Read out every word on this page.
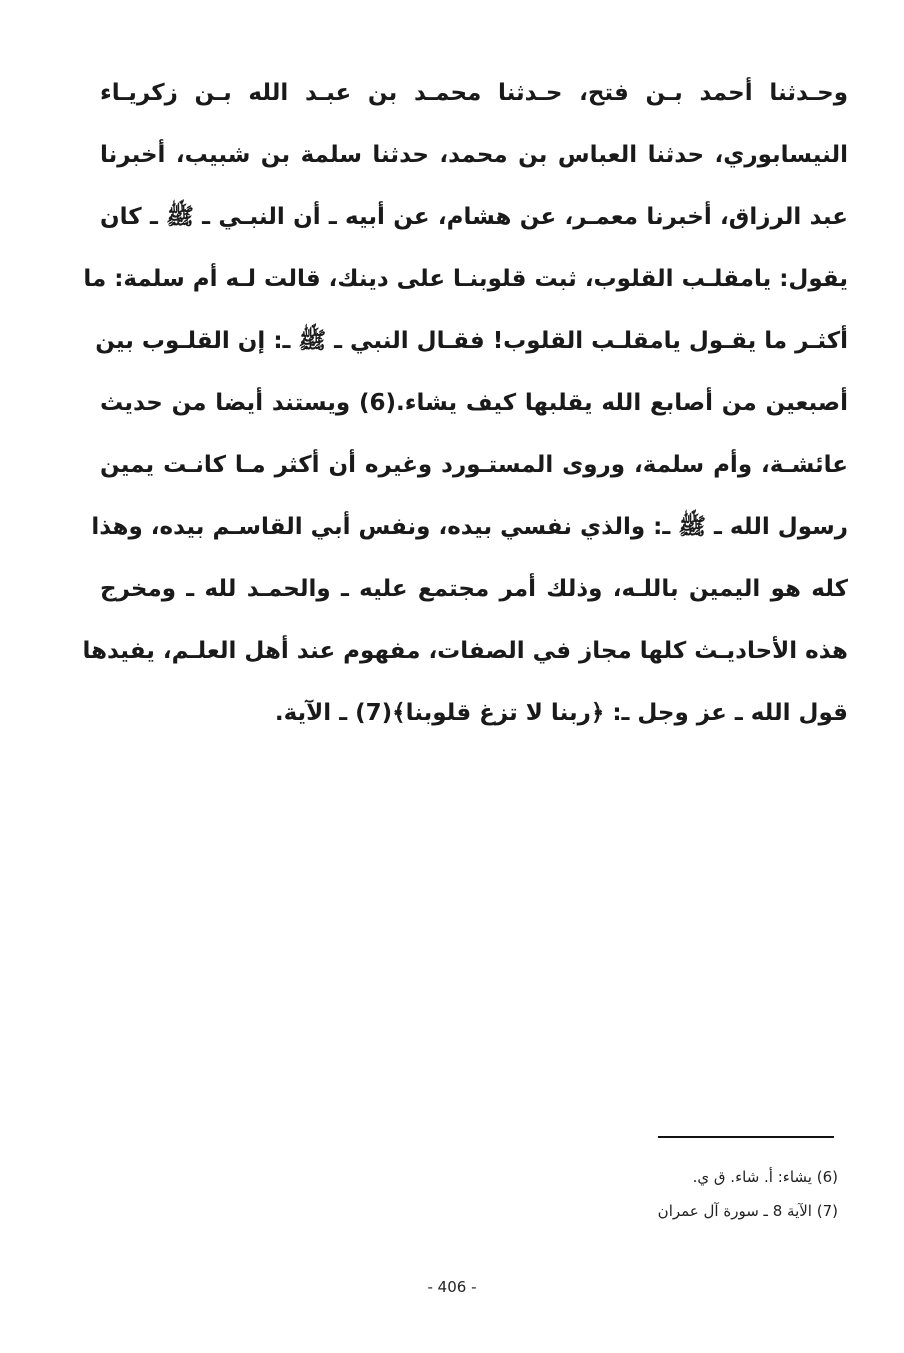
وحـدثنا أحمد بـن فتح، حـدثنا محمـد بن عبـد الله بـن زكريـاء
النيسابوري، حدثنا العباس بن محمد، حدثنا سلمة بن شبيب، أخبرنا
عبد الرزاق، أخبرنا معمـر، عن هشام، عن أبيه ـ أن النبـي ـ ﷺ ـ كان
يقول: يامقلـب القلوب، ثبت قلوبنـا على دينك، قالت لـه أم سلمة: ما
أكثـر ما يقـول يامقلـب القلوب! فقـال النبي ـ ﷺ ـ: إن القلـوب بين
أصبعين من أصابع الله يقلبها كيف يشاء.(6) ويستند أيضا من حديث
عائشـة، وأم سلمة، وروى المستـورد وغيره أن أكثر مـا كانـت يمين
رسول الله ـ ﷺ ـ: والذي نفسي بيده، ونفس أبي القاسـم بيده، وهذا
كله هو اليمين باللـه، وذلك أمر مجتمع عليه ـ والحمـد لله ـ ومخرج
هذه الأحاديـث كلها مجاز في الصفات، مفهوم عند أهل العلـم، يفيدها
قول الله ـ عز وجل ـ: ﴿ربنا لا تزغ قلوبنا﴾(7) ـ الآية.
(6) يشاء: أ. شاء. ق ي.
(7) الآية 8 ـ سورة آل عمران
- 406 -
